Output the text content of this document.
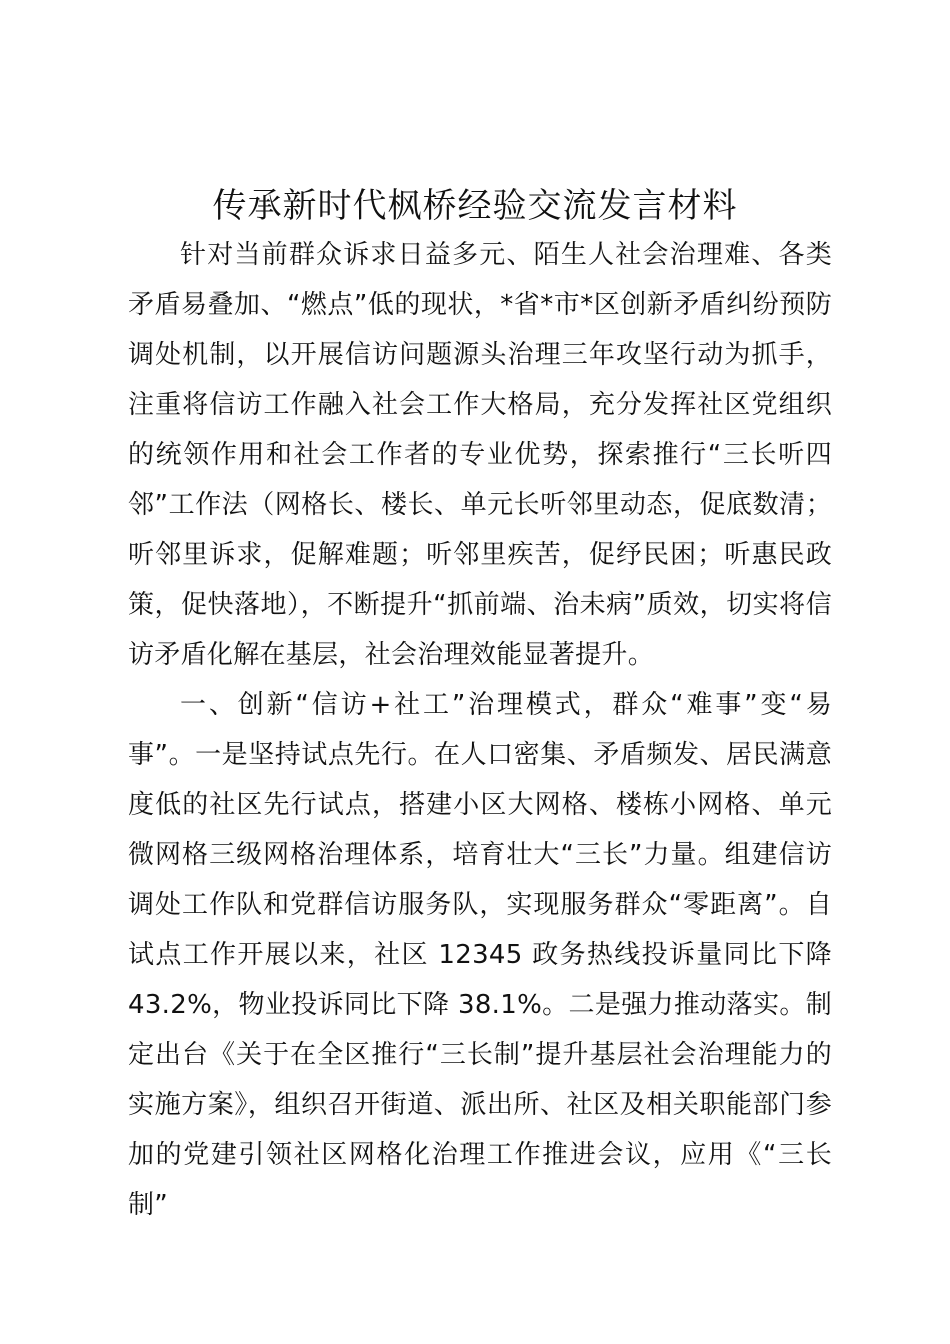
传承新时代枫桥经验交流发言材料

针对当前群众诉求日益多元、陌生人社会治理难、各类矛盾易叠加、“燃点”低的现状，*省*市*区创新矛盾纠纷预防调处机制，以开展信访问题源头治理三年攻坚行动为抓手，注重将信访工作融入社会工作大格局，充分发挥社区党组织的统领作用和社会工作者的专业优势，探索推行“三长听四邻”工作法（网格长、楼长、单元长听邻里动态，促底数清；听邻里诉求，促解难题；听邻里疾苦，促纾民困；听惠民政策，促快落地），不断提升“抓前端、治未病”质效，切实将信访矛盾化解在基层，社会治理效能显著提升。

一、创新“信访+社工”治理模式，群众“难事”变“易事”。一是坚持试点先行。在人口密集、矛盾频发、居民满意度低的社区先行试点，搭建小区大网格、楼栋小网格、单元微网格三级网格治理体系，培育壮大“三长”力量。组建信访调处工作队和党群信访服务队，实现服务群众“零距离”。自试点工作开展以来，社区 12345 政务热线投诉量同比下降 43.2%，物业投诉同比下降 38.1%。二是强力推动落实。制定出台《关于在全区推行“三长制”提升基层社会治理能力的实施方案》，组织召开街道、派出所、社区及相关职能部门参加的党建引领社区网格化治理工作推进会议，应用《“三长制”
